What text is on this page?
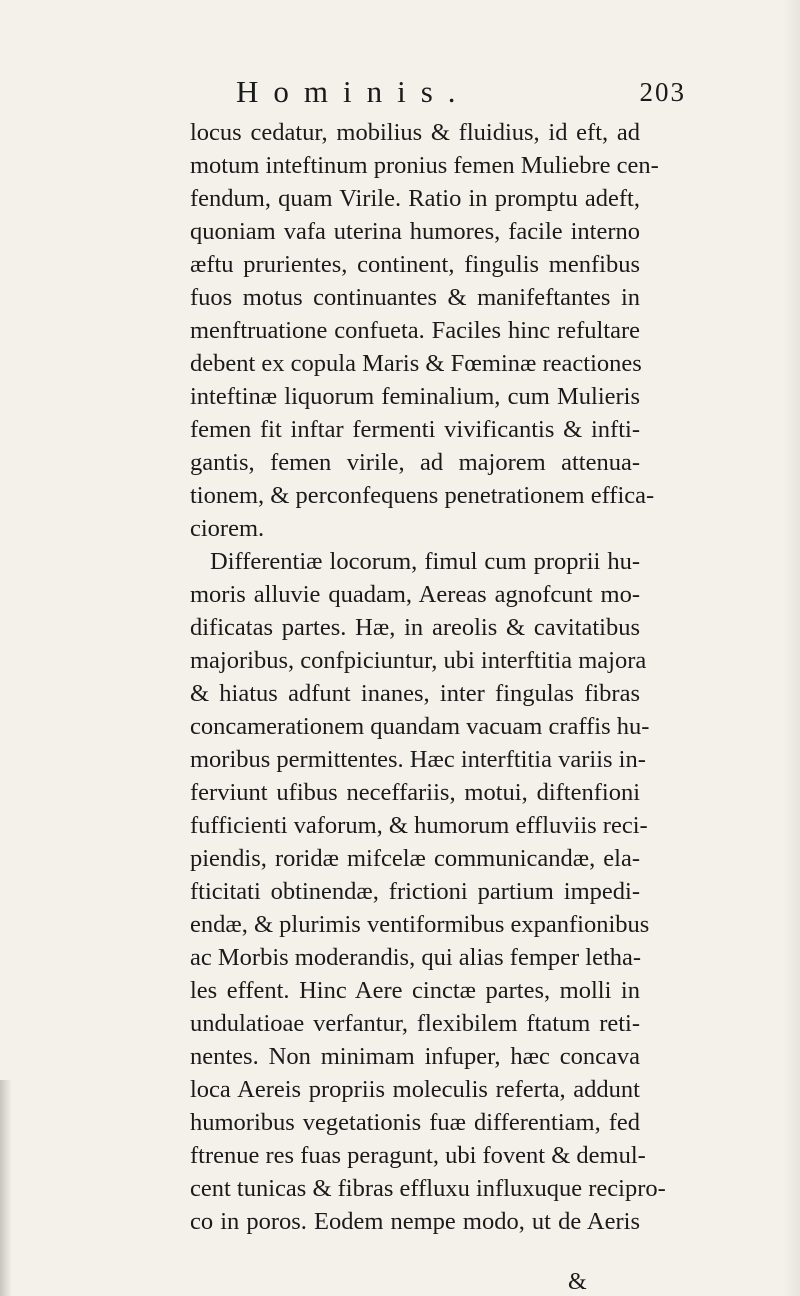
Hominis.	203
locus cedatur, mobilius & fluidius, id eft, ad
motum inteftinum pronius femen Muliebre cen-
fendum, quam Virile. Ratio in promptu adeft,
quoniam vafa uterina humores, facile interno
æftu prurientes, continent, fingulis menfibus
fuos motus continuantes & manifeftantes in
menftruatione confueta. Faciles hinc refultare
debent ex copula Maris & Fœminæ reactiones
inteftinæ liquorum feminalium, cum Mulieris
femen fit inftar fermenti vivificantis & infti-
gantis, femen virile, ad majorem attenua-
tionem, & perconfequens penetrationem effica-
ciorem.
Differentiæ locorum, fimul cum proprii hu-
moris alluvie quadam, Aereas agnofcunt mo-
dificatas partes. Hæ, in areolis & cavitatibus
majoribus, confpiciuntur, ubi interftitia majora
& hiatus adfunt inanes, inter fingulas fibras
concamerationem quandam vacuam craffis hu-
moribus permittentes. Hæc interftitia variis in-
ferviunt ufibus neceffariis, motui, diftenfioni
fufficienti vaforum, & humorum effluviis reci-
piendis, roridæ mifcelæ communicandæ, ela-
fticitati obtinendæ, frictioni partium impedi-
endæ, & plurimis ventiformibus expanfionibus
ac Morbis moderandis, qui alias femper letha-
les effent. Hinc Aere cinctæ partes, molli in
undulatioae verfantur, flexibilem ftatum reti-
nentes. Non minimam infuper, hæc concava
loca Aereis propriis moleculis referta, addunt
humoribus vegetationis fuæ differentiam, fed
ftrenue res fuas peragunt, ubi fovent & demul-
cent tunicas & fibras effluxu influxuque recipro-
co in poros. Eodem nempe modo, ut de Aeris
&
